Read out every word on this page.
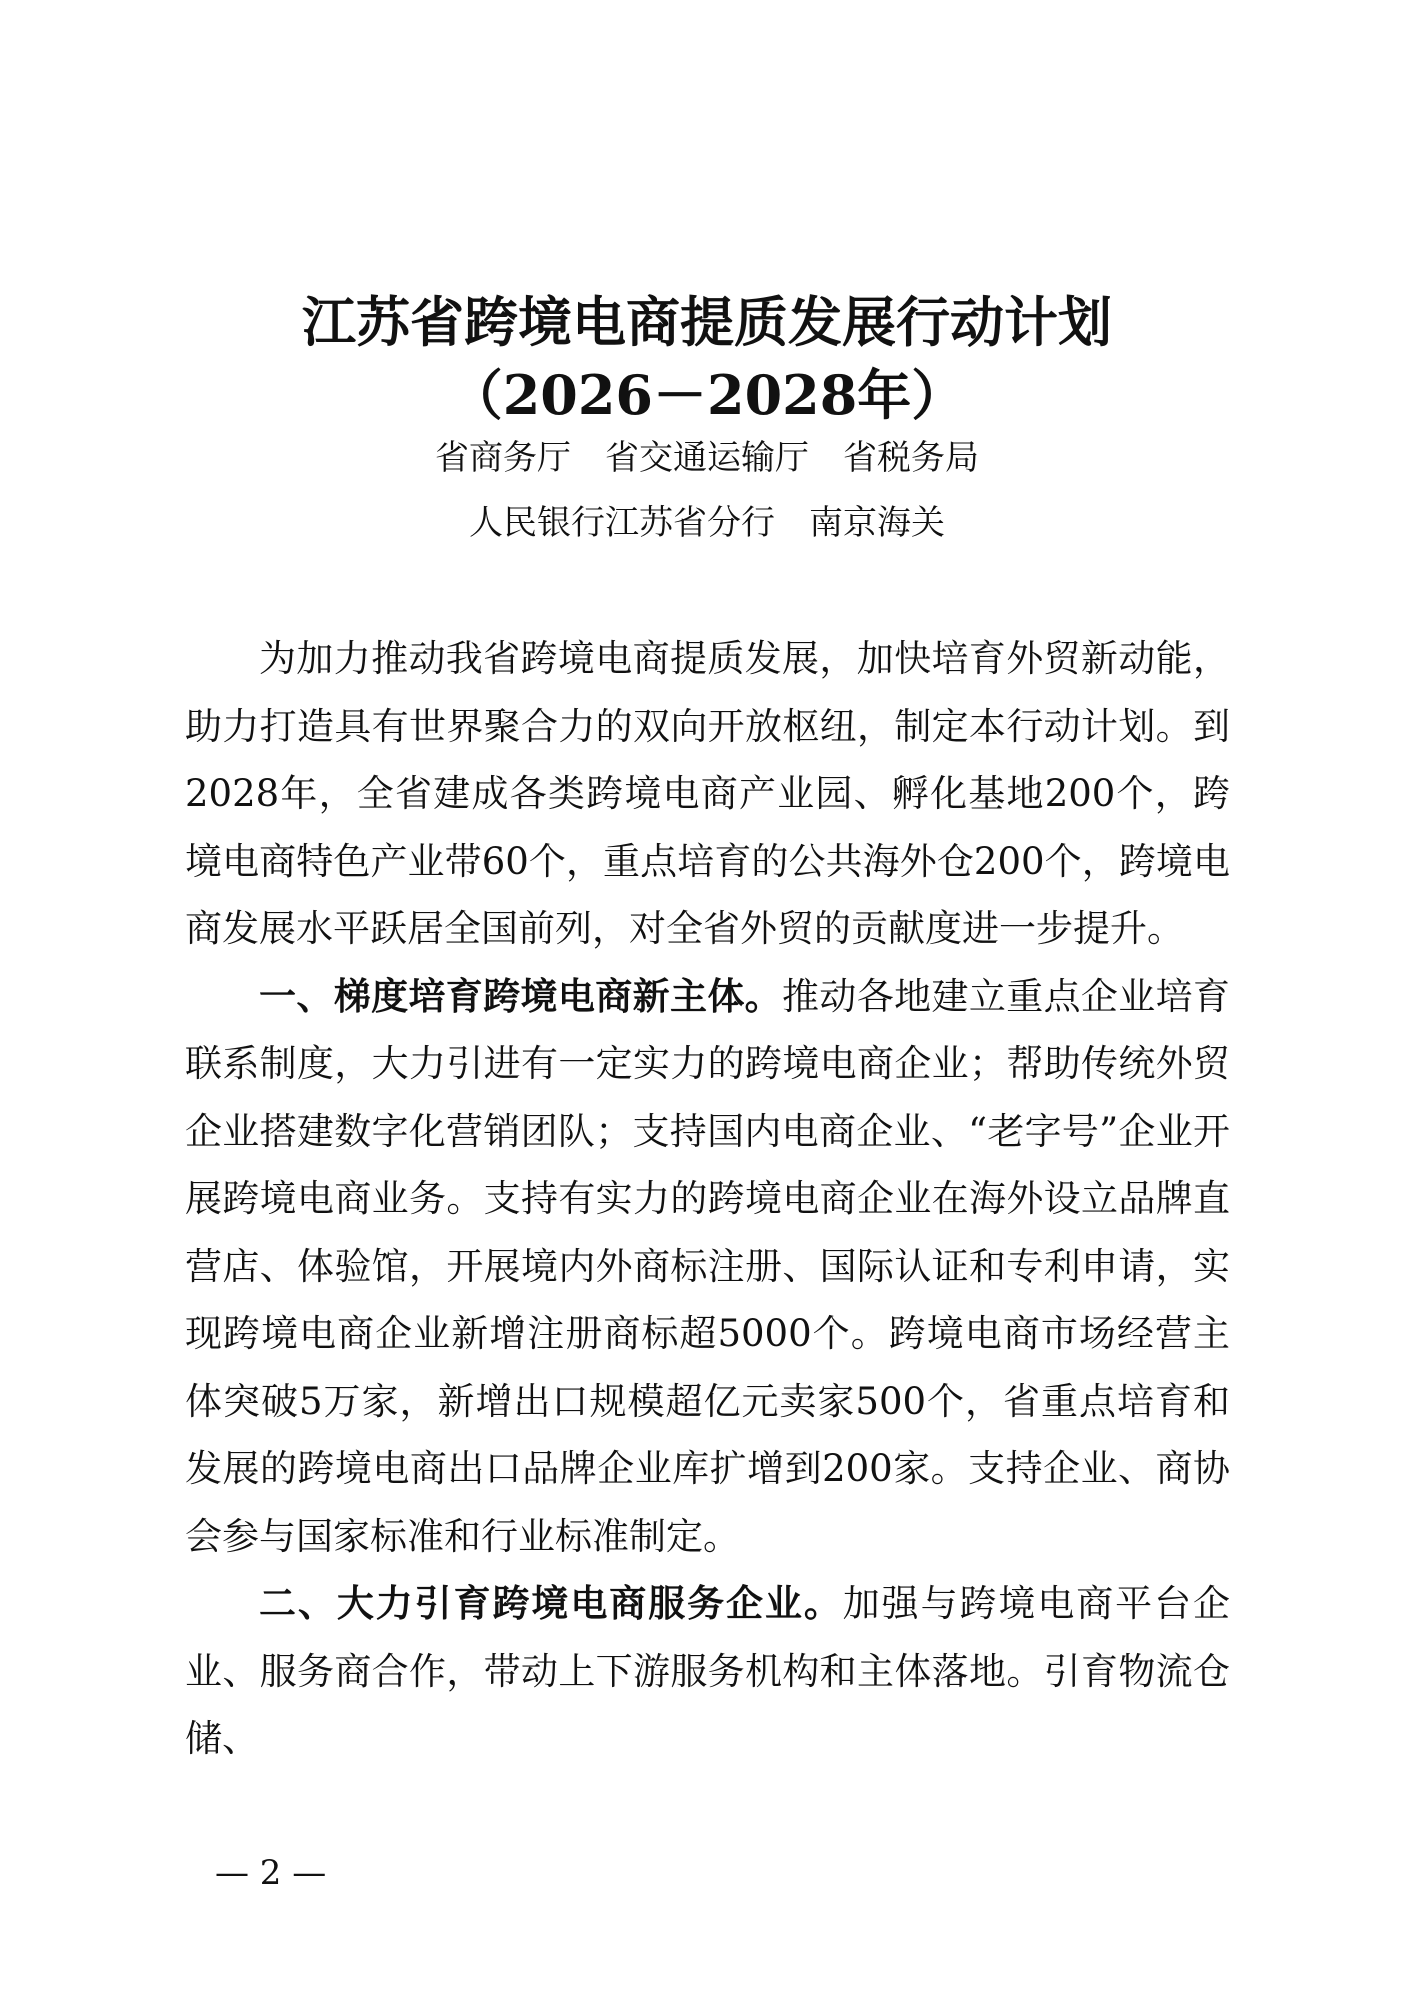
江苏省跨境电商提质发展行动计划
（2026－2028年）

省商务厅　省交通运输厅　省税务局

人民银行江苏省分行　南京海关

为加力推动我省跨境电商提质发展，加快培育外贸新动能，助力打造具有世界聚合力的双向开放枢纽，制定本行动计划。到2028年，全省建成各类跨境电商产业园、孵化基地200个，跨境电商特色产业带60个，重点培育的公共海外仓200个，跨境电商发展水平跃居全国前列，对全省外贸的贡献度进一步提升。

一、梯度培育跨境电商新主体。推动各地建立重点企业培育联系制度，大力引进有一定实力的跨境电商企业；帮助传统外贸企业搭建数字化营销团队；支持国内电商企业、“老字号”企业开展跨境电商业务。支持有实力的跨境电商企业在海外设立品牌直营店、体验馆，开展境内外商标注册、国际认证和专利申请，实现跨境电商企业新增注册商标超5000个。跨境电商市场经营主体突破5万家，新增出口规模超亿元卖家500个，省重点培育和发展的跨境电商出口品牌企业库扩增到200家。支持企业、商协会参与国家标准和行业标准制定。

二、大力引育跨境电商服务企业。加强与跨境电商平台企业、服务商合作，带动上下游服务机构和主体落地。引育物流仓储、

— 2 —
